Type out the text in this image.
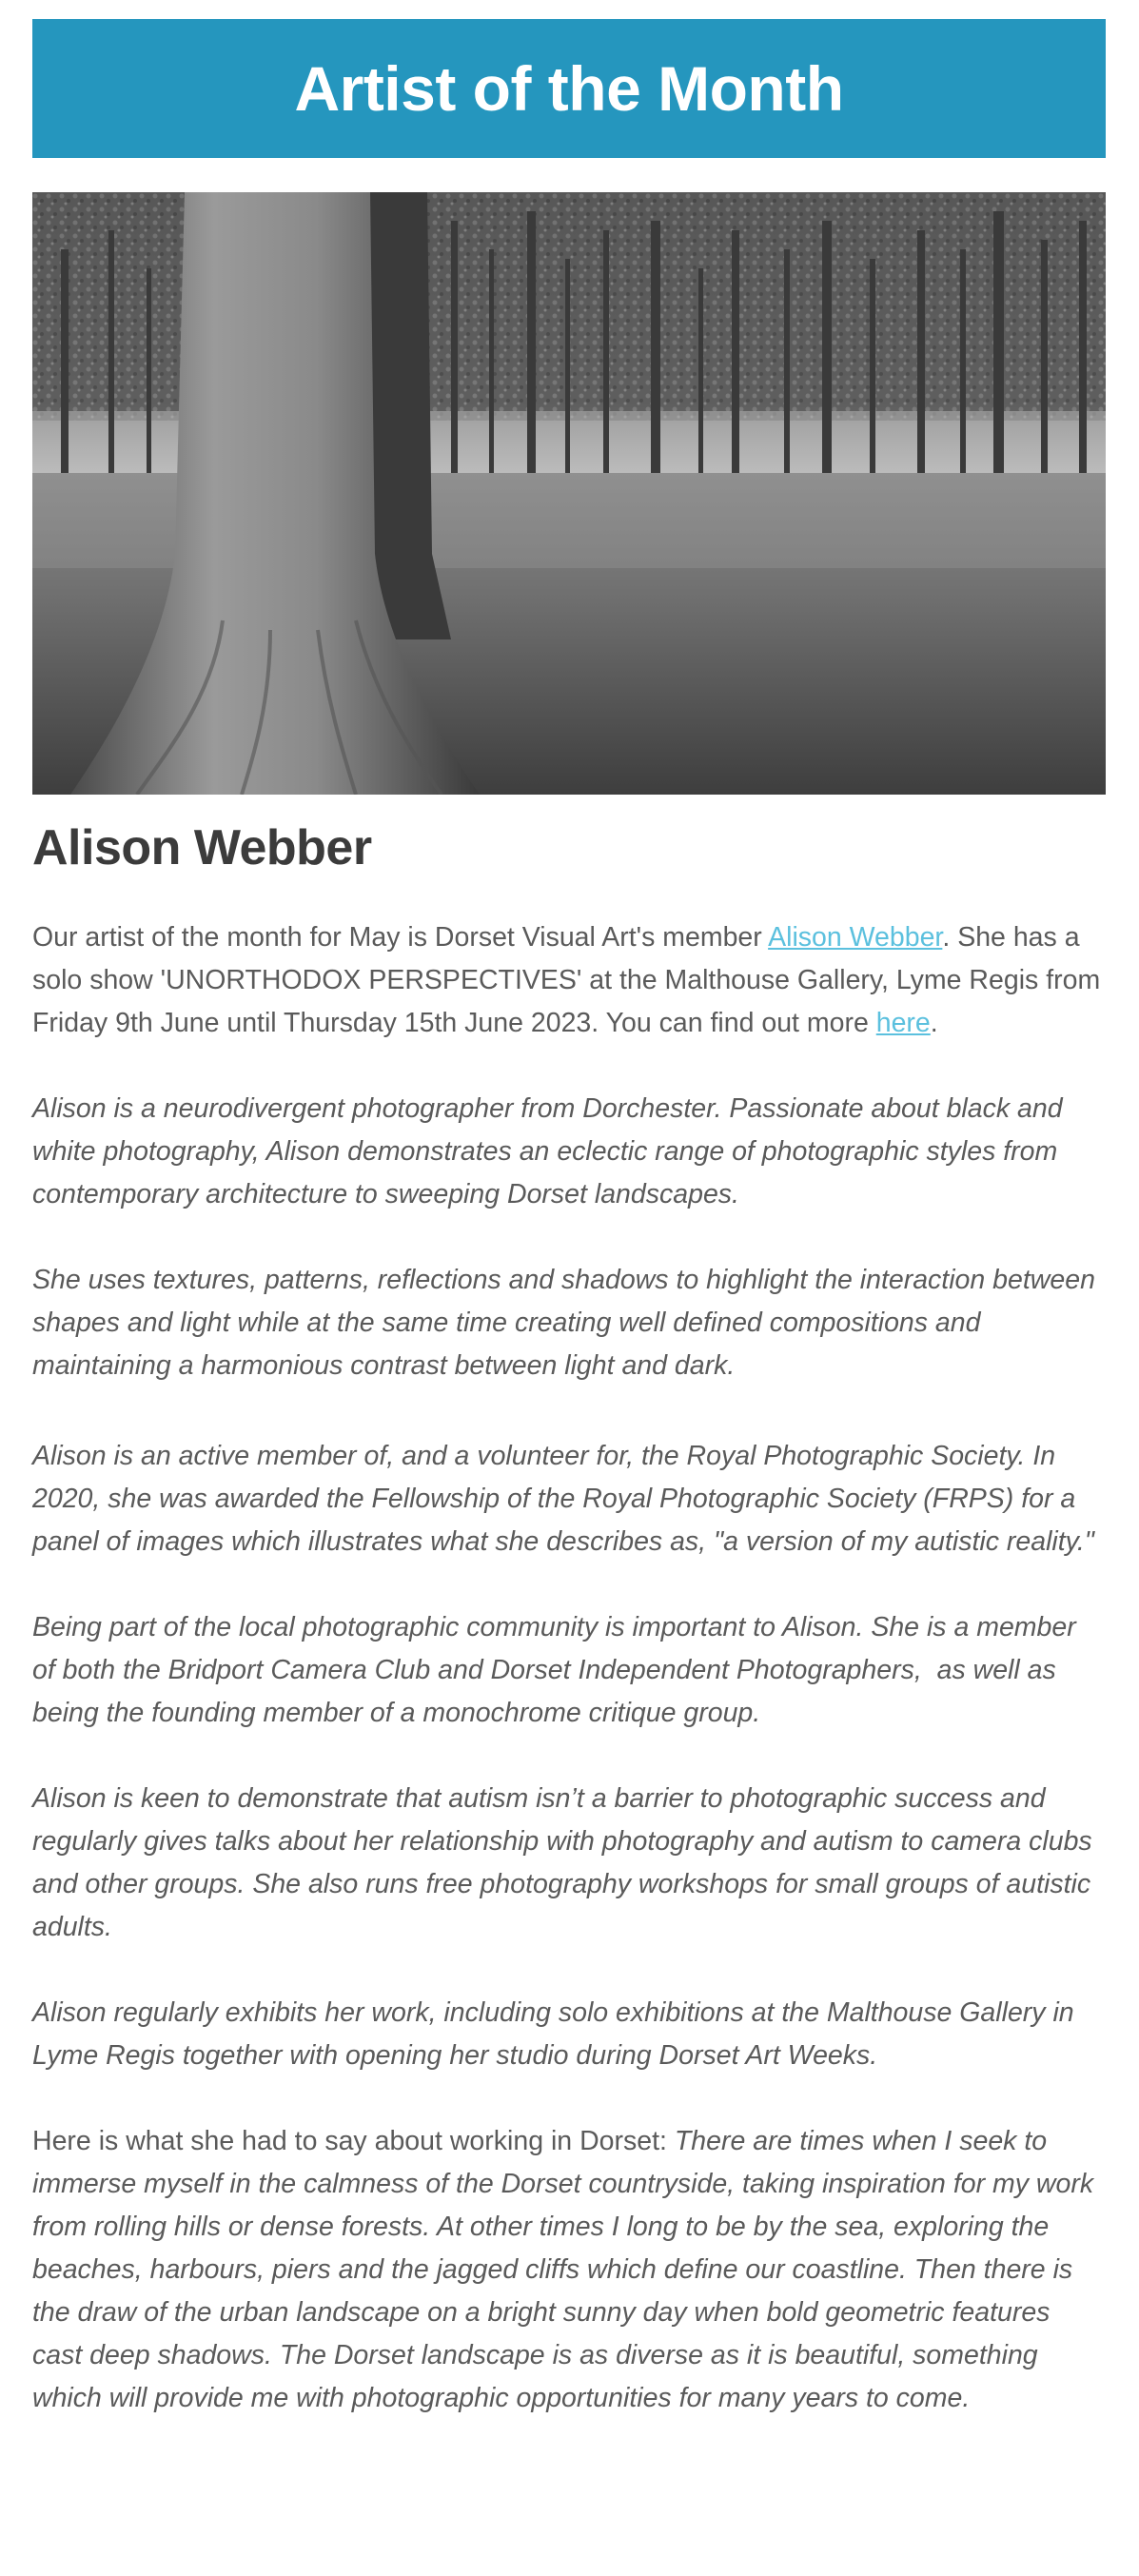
Artist of the Month
Alison Webber

Our artist of the month for May is Dorset Visual Art's member Alison Webber. She has a solo show 'UNORTHODOX PERSPECTIVES' at the Malthouse Gallery, Lyme Regis from Friday 9th June until Thursday 15th June 2023. You can find out more here.

Alison is a neurodivergent photographer from Dorchester. Passionate about black and white photography, Alison demonstrates an eclectic range of photographic styles from contemporary architecture to sweeping Dorset landscapes.

She uses textures, patterns, reflections and shadows to highlight the interaction between shapes and light while at the same time creating well defined compositions and maintaining a harmonious contrast between light and dark.

Alison is an active member of, and a volunteer for, the Royal Photographic Society. In 2020, she was awarded the Fellowship of the Royal Photographic Society (FRPS) for a panel of images which illustrates what she describes as, "a version of my autistic reality."

Being part of the local photographic community is important to Alison. She is a member of both the Bridport Camera Club and Dorset Independent Photographers,  as well as being the founding member of a monochrome critique group.

Alison is keen to demonstrate that autism isn’t a barrier to photographic success and regularly gives talks about her relationship with photography and autism to camera clubs and other groups. She also runs free photography workshops for small groups of autistic adults.

Alison regularly exhibits her work, including solo exhibitions at the Malthouse Gallery in Lyme Regis together with opening her studio during Dorset Art Weeks.

Here is what she had to say about working in Dorset: There are times when I seek to immerse myself in the calmness of the Dorset countryside, taking inspiration for my work from rolling hills or dense forests. At other times I long to be by the sea, exploring the beaches, harbours, piers and the jagged cliffs which define our coastline. Then there is the draw of the urban landscape on a bright sunny day when bold geometric features cast deep shadows. The Dorset landscape is as diverse as it is beautiful, something which will provide me with photographic opportunities for many years to come.
